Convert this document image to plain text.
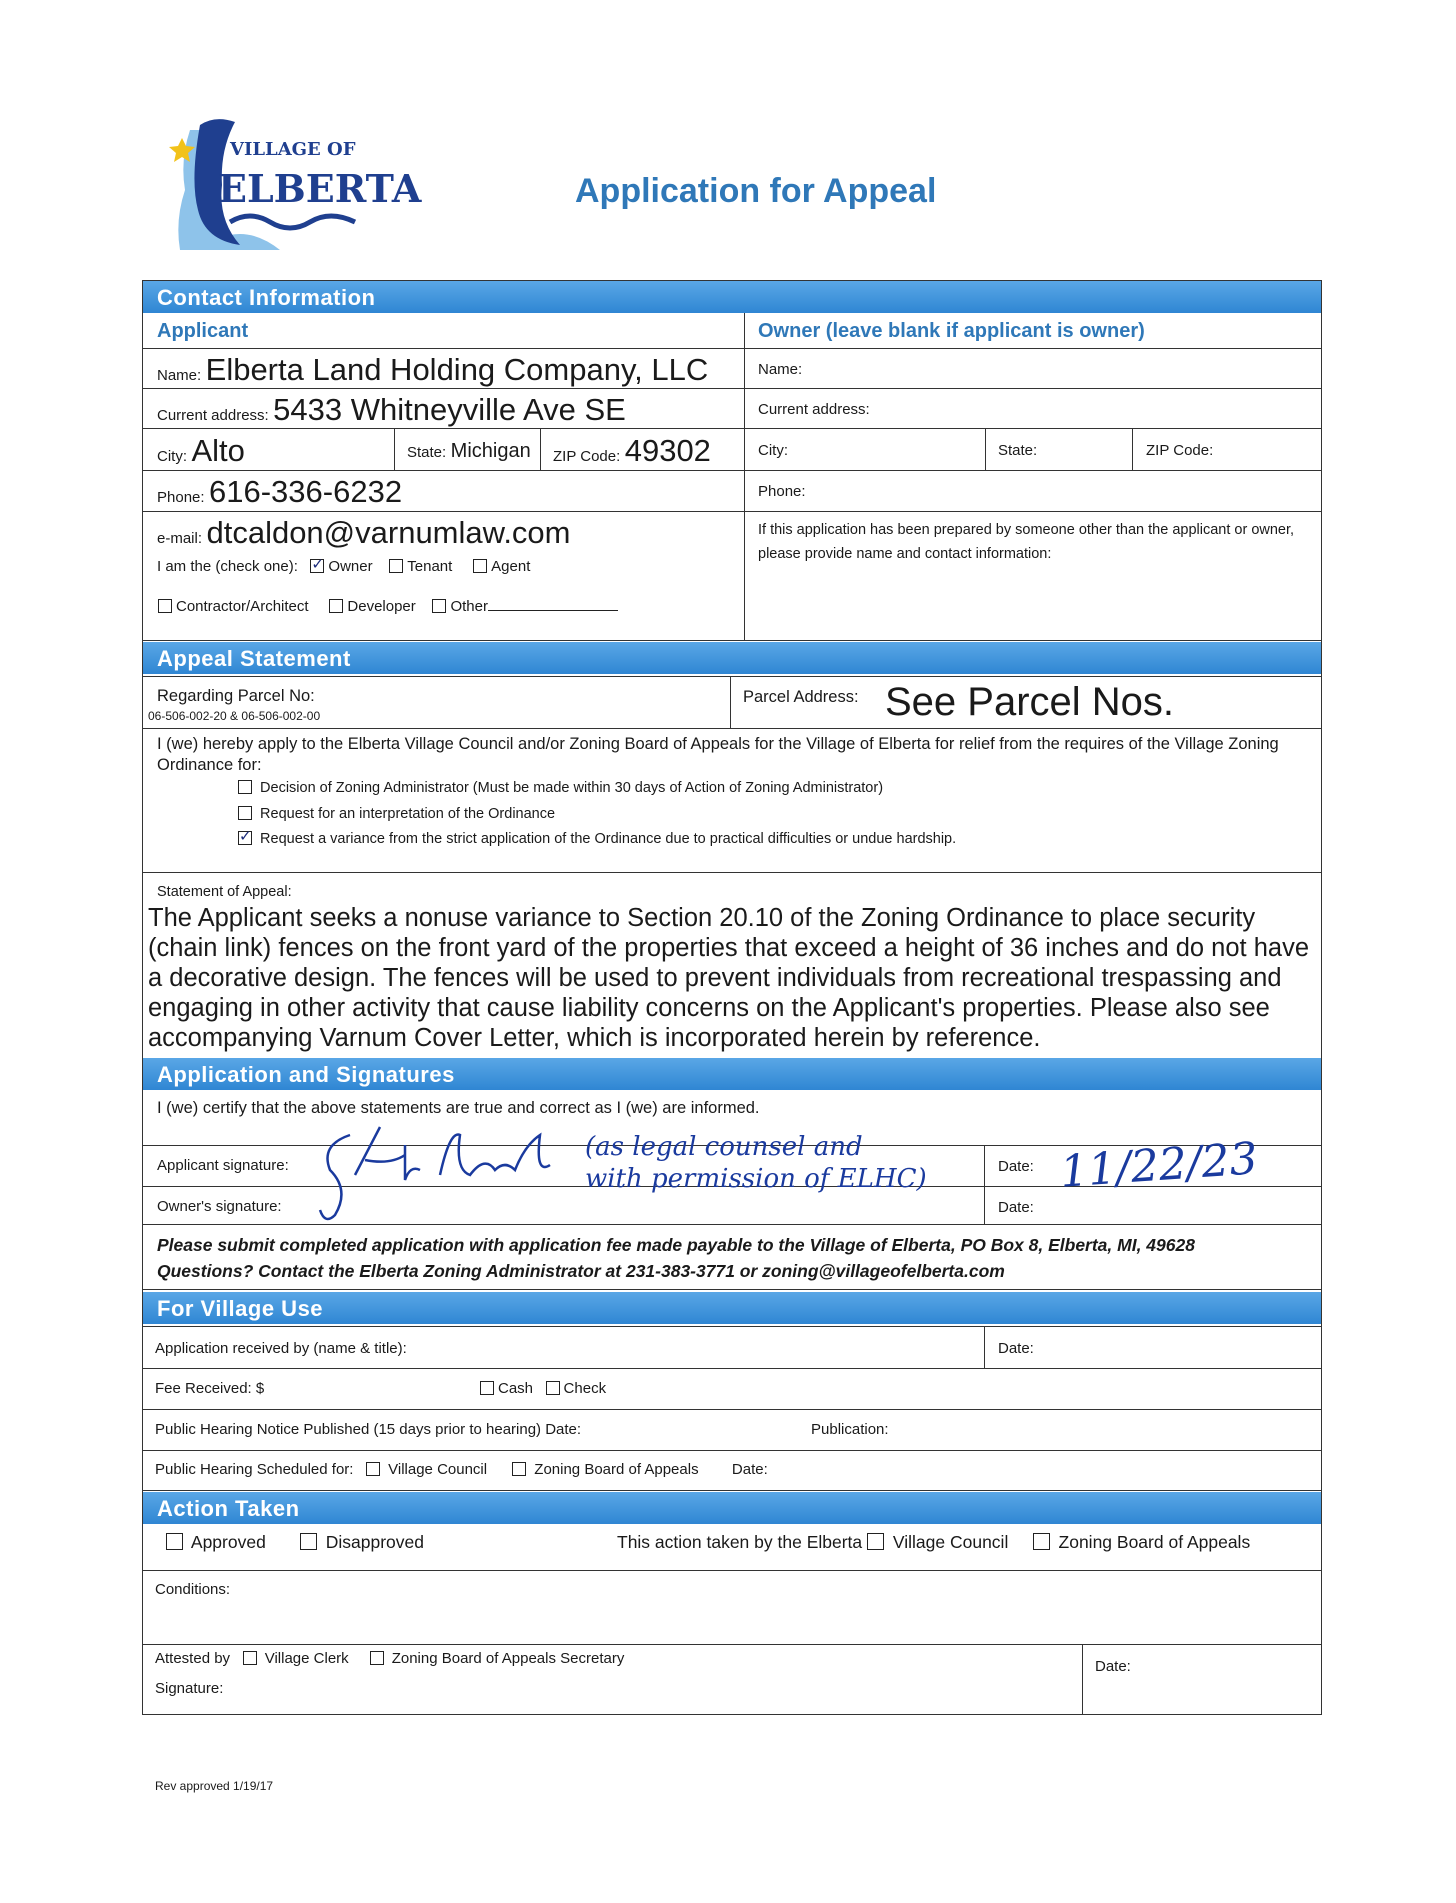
VILLAGE OF
ELBERTA	Application for Appeal
Contact Information
Applicant	Owner (leave blank if applicant is owner)
Name: Elberta Land Holding Company, LLC
Current address: 5433 Whitneyville Ave SE
City: Alto	State: Michigan ZIP Code: 49302
Phone: 616-336-6232
e-mail: dtcaldon@varnumlaw.com
I am the (check one):   ✓ Owner Tenant	Agent
Contractor/Architect	Developer Other
Name:
Current address:
City:	State:	ZIP Code:
Phone:
If this application has been prepared by someone other than the applicant or owner, please provide name and contact information:
Appeal Statement
Regarding Parcel No:
06-506-002-20 & 06-506-002-00
Parcel Address: See Parcel Nos.
I (we) hereby apply to the Elberta Village Council and/or Zoning Board of Appeals for the Village of Elberta for relief from the requires of the Village Zoning Ordinance for:
Decision of Zoning Administrator (Must be made within 30 days of Action of Zoning Administrator)
Request for an interpretation of the Ordinance
✓ Request a variance from the strict application of the Ordinance due to practical difficulties or undue hardship.
Statement of Appeal:
The Applicant seeks a nonuse variance to Section 20.10 of the Zoning Ordinance to place security
(chain link) fences on the front yard of the properties that exceed a height of 36 inches and do not have
a decorative design. The fences will be used to prevent individuals from recreational trespassing and
engaging in other activity that cause liability concerns on the Applicant's properties. Please also see
accompanying Varnum Cover Letter, which is incorporated herein by reference.
Application and Signatures
I (we) certify that the above statements are true and correct as I (we) are informed.
Applicant signature:
Owner's signature:
Date:
Date:
(as legal counsel and
with permission of ELHC)	11/22/23
Please submit completed application with application fee made payable to the Village of Elberta, PO Box 8, Elberta, MI, 49628
Questions? Contact the Elberta Zoning Administrator at 231-383-3771 or zoning@villageofelberta.com
For Village Use
Application received by (name & title):	Date:
Fee Received: $	Cash Check
Public Hearing Notice Published (15 days prior to hearing) Date:	Publication:
Public Hearing Scheduled for: Village Council	Zoning Board of Appeals Date:
Action Taken
Approved	Disapproved	This action taken by the Elberta Village Council	Zoning Board of Appeals
Conditions:
Attested by Village Clerk	Zoning Board of Appeals Secretary
Signature:
Date:
Rev approved 1/19/17
